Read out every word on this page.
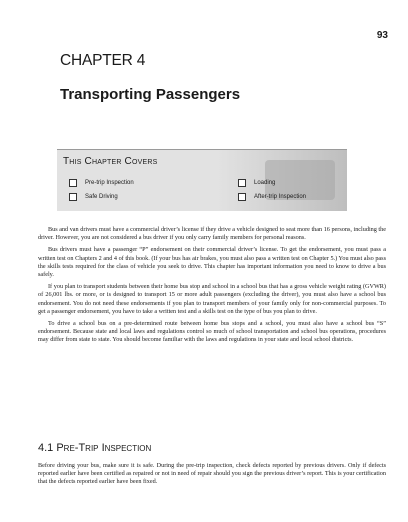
93
CHAPTER 4
Transporting Passengers
This Chapter Covers
Pre-trip Inspection	Loading
Safe Driving	After-trip Inspection

Bus and van drivers must have a commercial driver’s license if they drive a vehicle designed to seat more than 16 persons, including the driver. However, you are not considered a bus driver if you only carry family members for personal reasons.

Bus drivers must have a passenger “P” endorsement on their commercial driver’s license. To get the endorsement, you must pass a written test on Chapters 2 and 4 of this book. (If your bus has air brakes, you must also pass a written test on Chapter 5.) You must also pass the skills tests required for the class of vehicle you seek to drive. This chapter has important information you need to know to drive a bus safely.

If you plan to transport students between their home bus stop and school in a school bus that has a gross vehicle weight rating (GVWR) of 26,001 lbs. or more, or is designed to transport 15 or more adult passengers (excluding the driver), you must also have a school bus endorsement. You do not need these endorsements if you plan to transport members of your family only for non-commercial purposes. To get a passenger endorsement, you have to take a written test and a skills test on the type of bus you plan to drive.

To drive a school bus on a pre-determined route between home bus stops and a school, you must also have a school bus “S” endorsement. Because state and local laws and regulations control so much of school transportation and school bus operations, procedures may differ from state to state. You should become familiar with the laws and regulations in your state and local school districts.

4.1 Pre-Trip Inspection

Before driving your bus, make sure it is safe. During the pre-trip inspection, check defects reported by previous drivers. Only if defects reported earlier have been certified as repaired or not in need of repair should you sign the previous driver’s report. This is your certification that the defects reported earlier have been fixed.
